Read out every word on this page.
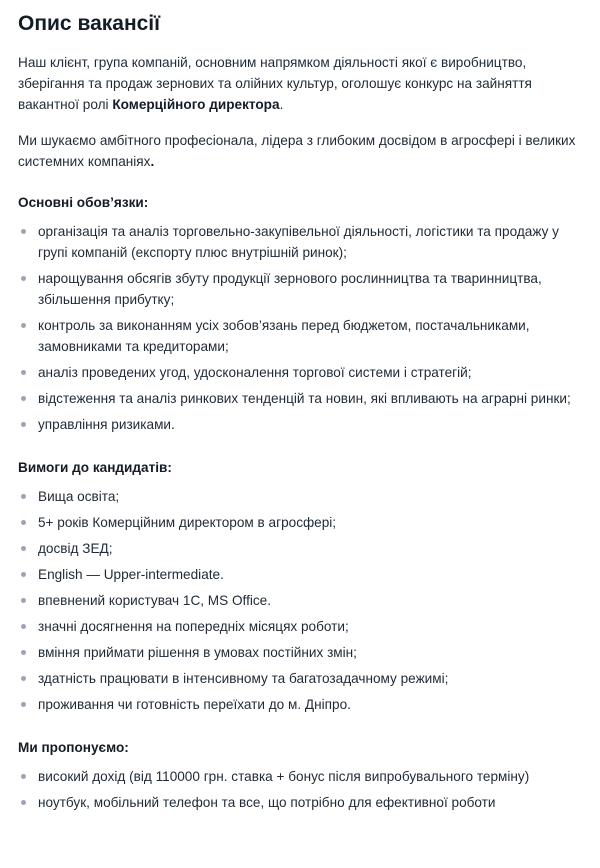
Опис вакансії

Наш клієнт, група компаній, основним напрямком діяльності якої є виробництво, зберігання та продаж зернових та олійних культур, оголошує конкурс на зайняття вакантної ролі Комерційного директора.

Ми шукаємо амбітного професіонала, лідера з глибоким досвідом в агросфері і великих системних компаніях.

Основні обов’язки:
організація та аналіз торговельно-закупівельної діяльності, логістики та продажу у групі компаній (експорту плюс внутрішній ринок);
нарощування обсягів збуту продукції зернового рослинництва та тваринництва, збільшення прибутку;
контроль за виконанням усіх зобов’язань перед бюджетом, постачальниками, замовниками та кредиторами;
аналіз проведених угод, удосконалення торгової системи і стратегій;
відстеження та аналіз ринкових тенденцій та новин, які впливають на аграрні ринки;
управління ризиками.
Вимоги до кандидатів:
Вища освіта;
5+ років Комерційним директором в агросфері;
досвід ЗЕД;
English — Upper-intermediate.
впевнений користувач 1С, MS Office.
значні досягнення на попередніх місяцях роботи;
вміння приймати рішення в умовах постійних змін;
здатність працювати в інтенсивному та багатозадачному режимі;
проживання чи готовність переїхати до м. Дніпро.
Ми пропонуємо:
високий дохід (від 110000 грн. ставка + бонус після випробувального терміну)
ноутбук, мобільний телефон та все, що потрібно для ефективної роботи
